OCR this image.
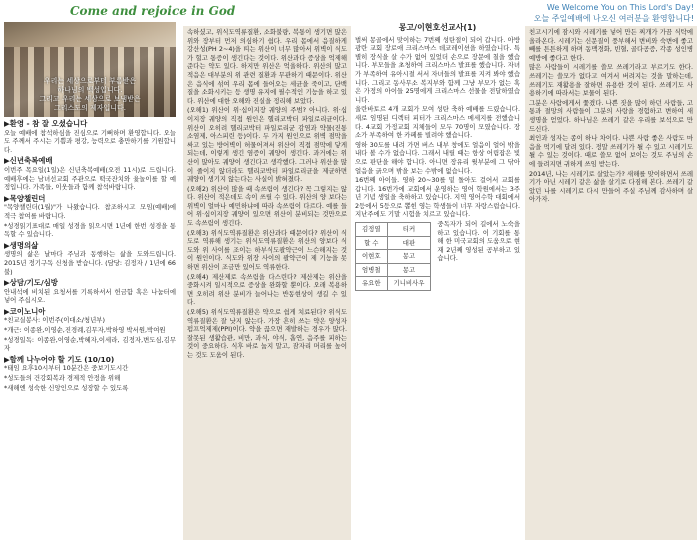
Come and rejoice in God	We Welcome You on This Lord's Day!
오늘 주일예배에 나오신 여러분을 환영합니다!
우리는 세상으로부터 부름받은
하나님의 백성입니다.
그리고 우리는 세상으로 보냄받은
그리스도의 제자입니다.
▶환영 - 참 잘 오셨습니다

오늘 예배에 참석하심을 진심으로 기뻐하며 환영합니다. 오늘도 주께서 주시는 기쁨과 평강, 능력으로 충만하기를 기원합니다.

▶신년축복예배

이번주 목요일(1일)은 신년축복예배(오전 11시)로 드립니다. 예배후에는 남녀선교회 주관으로 떡국잔치와 윷놀이를 할 예정입니다. 가족들, 이웃들과 함께 참석바랍니다.

▶목양챌린더

"목양챌린더(1월)"가 나왔습니다. 참조하시고 모임(예배)에 적극 참여를 바랍니다.

*성경읽기표대로 매일 성경을 읽으시면 1년에 한번 성경을 통독할 수 있습니다.

▶생명의삶

생명의 삶은 날마다 주님과 동행하는 삶을 도와드립니다. 2015년 정기구독 신청을 받습니다. (담당: 김정자 / 1년에 66불)

▶상담/기도/심방

안내석에 비치된 요청서를 기록하셔서 헌금함 혹은 나눔터에 넣어 주십시오.

▶코이노니아

*친교실봉사: 이번주(이대소/청년부)

*개근: 이종완,이영순,진경례,김무자,박하영 박서원,박여원

*성경일독: 이종완,이영순,박혜자,이세라, 김정자,변도심,김무자

▶함께 나누어야 할 기도 (10/10)

*태임 요후10시부터 10분간은 중보기도시간

*성도들의 건강회복과 경제적 안정을 위해

*새해엔 성숙한 신앙인으로 성장할 수 있도록

속하셨고, 위식도역류질환, 소화불량, 복통이 생기면 많은 위와 장부터 먼저 의심하기 쉽다. 우리 몸에서 음질하게 강산성(PH 2~4)을 띠는 위산이 너무 많아서 위벽이 식도가 헐고 통증이 생긴다는 것이다. 위산과다 증상을 억제해준다는 약도 있다. 하지만 위산은 억울하다. 위산의 많고 적음은 대부분의 위 관련 질환과 무관하기 때문이다. 위산은 음식에 섞여 우리 몸에 들어오는 세균을 죽이고, 단백질을 소화시키는 등 생명 유지에 필수적인 기능을 하고 있다. 위산에 대한 오해와 진실을 정리해 보았다.

(오해1) 위산이 위·십이지장 궤양의 주범? 아니다. 위·십이지장 궤양의 직접 원인은 헬리코박터 파일로리균이다. 위산이 오히려 헬리코박터 파일로리균 감염과 약물(진통소염제, 아스피린 등)이다. 두 가지 원인으로 위벽 점막을 싸고 있는 방어벽이 허물어져서 위산이 직접 점막에 닿게 되는데, 이렇게 생긴 염증이 궤양이 생긴다. 과거에는 위산이 많아도 궤양이 생긴다고 생각했다. 그러나 위산을 많이 줄이지 않더라도 헬리코박터 파일로리균을 제균하면 궤양이 생기지 않는다는 사실이 밝혀졌다.

(오해2) 위산이 많을 때 속쓰림이 생긴다? 꼭 그렇지는 않다. 위산이 적은데도 속이 쓰릴 수 있다. 위산의 양 보다는 위벽이 얼마나 예민하냐에 따라 속쓰림이 다르다. 예를 들어 위·십이지장 궤양이 있으면 위산이 분비되는 것만으로도 속쓰림이 생긴다.

(오해3) 위식도역류질환은 위산과다 때문이다? 위산이 식도로 역류해 생기는 위식도역류질환은 위산의 양보다 식도와 위 사이를 조이는 하부식도괄약근이 느슨해지는 것이 원인이다. 식도와 위장 사이의 괄약근이 제 기능을 못하면 위산이 조금만 있어도 역류한다.

(오해4) 제산제로 속쓰림을 다스린다? 제산제는 위산을 중화시켜 일시적으로 증상을 완화할 뿐이다. 오래 복용하면 오히려 위산 분비가 늘어나는 반동현상이 생길 수 있다.

(오해5) 위식도역류질환은 약으로 쉽게 치료된다? 위식도역류질환은 잘 낫지 않는다. 가장 흔히 쓰는 약은 양성자펌프억제제(PPI)이다. 약을 끊으면 재발하는 경우가 많다. 잘못된 생활습관, 비만, 과식, 야식, 흡연, 음주를 피하는 것이 중요하다. 식후 바로 눕지 말고, 잠자리 머리를 높이는 것도 도움이 된다.

몽고/이현호선교사(1)

벌써 몽골에서 맞이하는 7번째 성탄절이 되어 갑니다. 아방광란 교회 장로애 크리스마스 데코레이션을 하였습니다. 특별히 장식을 살 수가 없어 있었더 손으로 장문에 칠을 했습니다. 부모들을 초청하여 크리스마스 발표를 했습니다. 자녀가 부족하여 유아시절 서서 자녀들의 발표를 지켜 봐야 했습니다. 그리고 동사무소 복지부와 함께 그냥 부모가 없는 혹은 가정의 아이들 25명에게 크리스마스 선물을 전달하였습니다.

울란바토르 4개 교회가 모여 성탄 축하 예배를 드렸습니다. 새로 임명된 디렉터 피터가 크리스마스 메세지를 전했습니다. 4교회 가정교회 지체들이 모두 70명이 모였습니다. 장소가 부족하여 한 카페를 빌려야 했습니다.

영하 30도를 내려 가면 버스 내부 창에도 얼음이 얼어 밖을 내다 볼 수가 없습니다. 그래서 내릴 때는 항상 어림잡은 빛으로 판단을 해야 합니다. 아니면 장유리 윗부분에 그 닦아 얼음을 긁으며 밖을 보는 수밖에 없습니다.

16번째 아이들. 영하 20~30를 밑 돌아도 걸어서 교회를 갑니다. 16번가에 교회에서 운영하는 영어 학원에서는 3주년 기념 생일을 축하하고 있습니다. 지역 영어수학 대회에서 2등에서 5등으로 뽑힌 영는 학생들이 너무 자랑스럽습니다. 지난주에도 기말 시험을 치르고 있습니다.

김정열	티커
할 수	대판
이현호	몽고
엄병철	몽고
유요한	기니비사우

중독자가 되어 길에서 노숙을 하고 있습니다. 이 기회를 통해 한 미국교회의 도움으로 현재 2년째 영성된 공부하고 있습니다.

친고시기에 잠시와 시레기를 넣어 만든 찌개가 가끔 식탁에 올라온다. 시레기는 신문질이 풍부해서 변비와 숙변에 좋고 빼를 튼튼하게 하며 동맥경화, 빈혈, 골다공증, 각종 성인병 예방에 좋다고 한다.

많은 사람들이 시레기를 쓸모 쓰레기라고 부르기도 한다. 쓰레기는 쓸모가 없다고 여겨서 버려지는 것을 말하는데, 쓰레기도 재활용을 잘하면 유용한 것이 된다. 쓰레기도 사용하기에 따라서는 보물이 된다.

그분은 사람에게서 쫓겼다. 나쁜 짓을 많이 하던 사람들, 고통과 절망의 사람들이 그분의 사랑을 경험하고 변하여 새 생명을 얻었다. 하나님은 쓰레기 같은 우리를 보석으로 만드신다.

최인과 성자는 종이 하나 차이다. 나쁜 사람 좋은 사람도 마음을 먹기에 달려 있다. 정말 쓰레기가 될 수 있고 시레기도 될 수 있는 것이다. 때로 쓸모 없어 보이는 것도 주님의 손에 들려지면 귀하게 쓰임 받는다.

2014년, 나는 시레기로 살았는가? 새해를 맞이하면서 쓰레기가 아닌 시레기 같은 삶을 살기로 다짐해 본다. 쓰레기 같았던 나를 시레기로 다시 만들어 주실 주님께 감사하며 살아가자.
